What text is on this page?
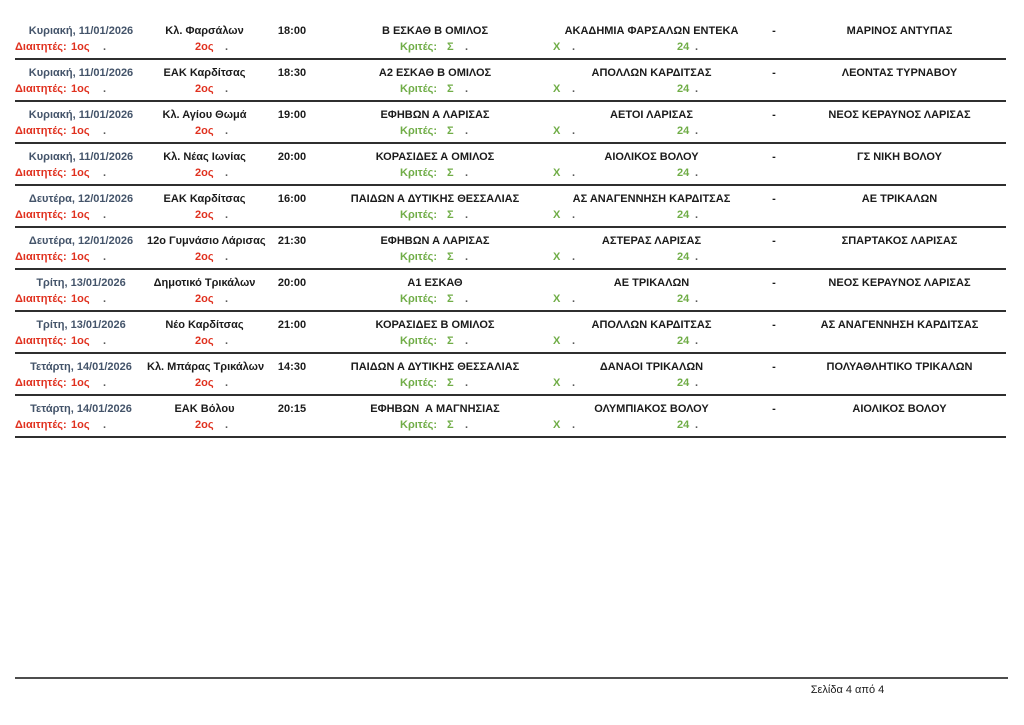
Κυριακή, 11/01/2026	Κλ. Φαρσάλων	18:00	Β ΕΣΚΑΘ Β ΟΜΙΛΟΣ	ΑΚΑΔΗΜΙΑ ΦΑΡΣΑΛΩΝ ΕΝΤΕΚΑ	-	ΜΑΡΙΝΟΣ ΑΝΤΥΠΑΣ
Διαιτητές: 1ος .	2ος .	Κριτές: Σ .	Χ .	24 .
Κυριακή, 11/01/2026	ΕΑΚ Καρδίτσας	18:30	Α2 ΕΣΚΑΘ Β ΟΜΙΛΟΣ	ΑΠΟΛΛΩΝ ΚΑΡΔΙΤΣΑΣ	-	ΛΕΟΝΤΑΣ ΤΥΡΝΑΒΟΥ
Διαιτητές: 1ος .	2ος .	Κριτές: Σ .	Χ .	24 .
Κυριακή, 11/01/2026	Κλ. Αγίου Θωμά	19:00	ΕΦΗΒΩΝ Α ΛΑΡΙΣΑΣ	ΑΕΤΟΙ ΛΑΡΙΣΑΣ	-	ΝΕΟΣ ΚΕΡΑΥΝΟΣ ΛΑΡΙΣΑΣ
Διαιτητές: 1ος .	2ος .	Κριτές: Σ .	Χ .	24 .
Κυριακή, 11/01/2026	Κλ. Νέας Ιωνίας	20:00	ΚΟΡΑΣΙΔΕΣ Α ΟΜΙΛΟΣ	ΑΙΟΛΙΚΟΣ ΒΟΛΟΥ	-	ΓΣ ΝΙΚΗ ΒΟΛΟΥ
Διαιτητές: 1ος .	2ος .	Κριτές: Σ .	Χ .	24 .
Δευτέρα, 12/01/2026	ΕΑΚ Καρδίτσας	16:00	ΠΑΙΔΩΝ Α ΔΥΤΙΚΗΣ ΘΕΣΣΑΛΙΑΣ	ΑΣ ΑΝΑΓΕΝΝΗΣΗ ΚΑΡΔΙΤΣΑΣ	-	ΑΕ ΤΡΙΚΑΛΩΝ
Διαιτητές: 1ος .	2ος .	Κριτές: Σ .	Χ .	24 .
Δευτέρα, 12/01/2026	12ο Γυμνάσιο Λάρισας	21:30	ΕΦΗΒΩΝ Α ΛΑΡΙΣΑΣ	ΑΣΤΕΡΑΣ ΛΑΡΙΣΑΣ	-	ΣΠΑΡΤΑΚΟΣ ΛΑΡΙΣΑΣ
Διαιτητές: 1ος .	2ος .	Κριτές: Σ .	Χ .	24 .
Τρίτη, 13/01/2026	Δημοτικό Τρικάλων	20:00	Α1 ΕΣΚΑΘ	ΑΕ ΤΡΙΚΑΛΩΝ	-	ΝΕΟΣ ΚΕΡΑΥΝΟΣ ΛΑΡΙΣΑΣ
Διαιτητές: 1ος .	2ος .	Κριτές: Σ .	Χ .	24 .
Τρίτη, 13/01/2026	Νέο Καρδίτσας	21:00	ΚΟΡΑΣΙΔΕΣ Β ΟΜΙΛΟΣ	ΑΠΟΛΛΩΝ ΚΑΡΔΙΤΣΑΣ	-	ΑΣ ΑΝΑΓΕΝΝΗΣΗ ΚΑΡΔΙΤΣΑΣ
Διαιτητές: 1ος .	2ος .	Κριτές: Σ .	Χ .	24 .
Τετάρτη, 14/01/2026	Κλ. Μπάρας Τρικάλων	14:30	ΠΑΙΔΩΝ Α ΔΥΤΙΚΗΣ ΘΕΣΣΑΛΙΑΣ	ΔΑΝΑΟΙ ΤΡΙΚΑΛΩΝ	-	ΠΟΛΥΑΘΛΗΤΙΚΟ ΤΡΙΚΑΛΩΝ
Διαιτητές: 1ος .	2ος .	Κριτές: Σ .	Χ .	24 .
Τετάρτη, 14/01/2026	ΕΑΚ Βόλου	20:15	ΕΦΗΒΩΝ  Α ΜΑΓΝΗΣΙΑΣ	ΟΛΥΜΠΙΑΚΟΣ ΒΟΛΟΥ	-	ΑΙΟΛΙΚΟΣ ΒΟΛΟΥ
Διαιτητές: 1ος .	2ος .	Κριτές: Σ .	Χ .	24 .
Σελίδα 4 από 4
